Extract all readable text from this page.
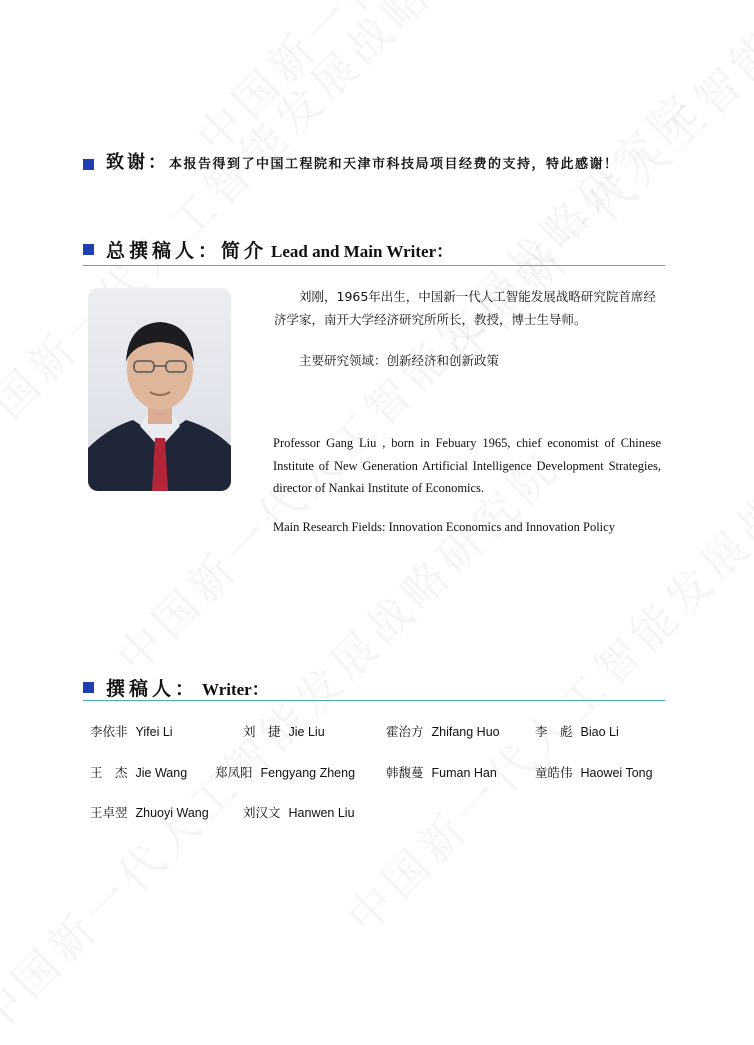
致谢：本报告得到了中国工程院和天津市科技局项目经费的支持，特此感谢！
总撰稿人：简介 Lead and Main Writer：

刘刚，1965年出生，中国新一代人工智能发展战略研究院首席经济学家，南开大学经济研究所所长，教授，博士生导师。

主要研究领域：创新经济和创新政策

Professor Gang Liu , born in Febuary 1965, chief economist of Chinese Institute of New Generation Artificial Intelligence Development Strategies, director of Nankai Institute of Economics.

Main Research Fields: Innovation Economics and Innovation Policy

撰稿人： Writer：
李依非 Yifei Li	刘　捷 Jie Liu	霍治方 Zhifang Huo	李　彪 Biao Li
王　杰 Jie Wang 郑凤阳 Fengyang Zheng 韩馥蔓 Fuman Han	童皓伟 Haowei Tong
王卓翌 Zhuoyi Wang	刘汉文 Hanwen Liu
